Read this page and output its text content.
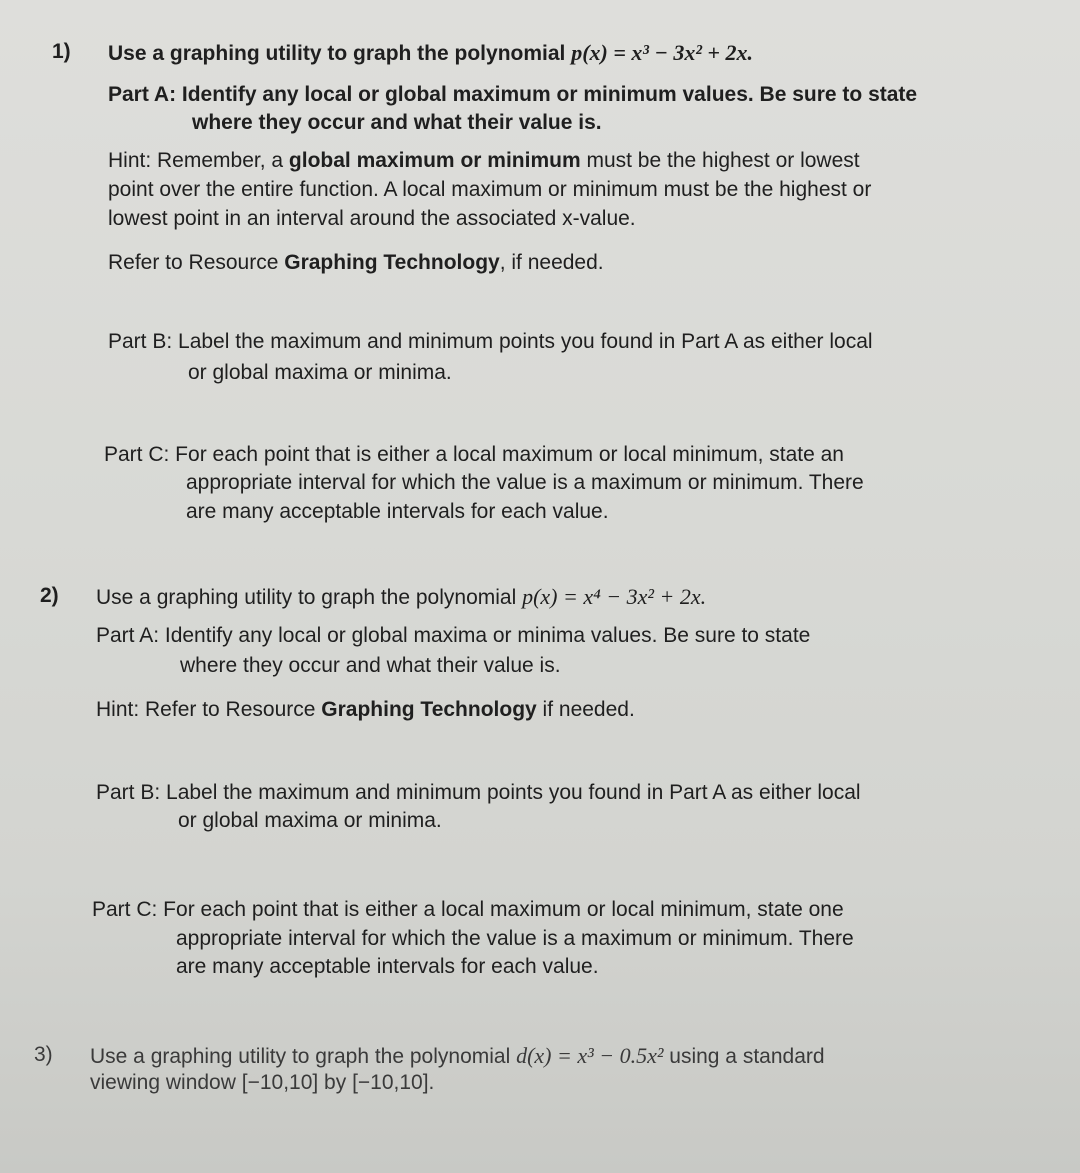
1) Use a graphing utility to graph the polynomial p(x) = x³ − 3x² + 2x.
Part A: Identify any local or global maximum or minimum values. Be sure to state
where they occur and what their value is.
Hint: Remember, a global maximum or minimum must be the highest or lowest
point over the entire function. A local maximum or minimum must be the highest or
lowest point in an interval around the associated x-value.
Refer to Resource Graphing Technology, if needed.
Part B: Label the maximum and minimum points you found in Part A as either local
or global maxima or minima.
Part C: For each point that is either a local maximum or local minimum, state an
appropriate interval for which the value is a maximum or minimum. There
are many acceptable intervals for each value.
2) Use a graphing utility to graph the polynomial p(x) = x⁴ − 3x² + 2x.
Part A: Identify any local or global maxima or minima values. Be sure to state
where they occur and what their value is.
Hint: Refer to Resource Graphing Technology if needed.
Part B: Label the maximum and minimum points you found in Part A as either local
or global maxima or minima.
Part C: For each point that is either a local maximum or local minimum, state one
appropriate interval for which the value is a maximum or minimum. There
are many acceptable intervals for each value.
3) Use a graphing utility to graph the polynomial d(x) = x³ − 0.5x² using a standard
viewing window [−10,10] by [−10,10].
